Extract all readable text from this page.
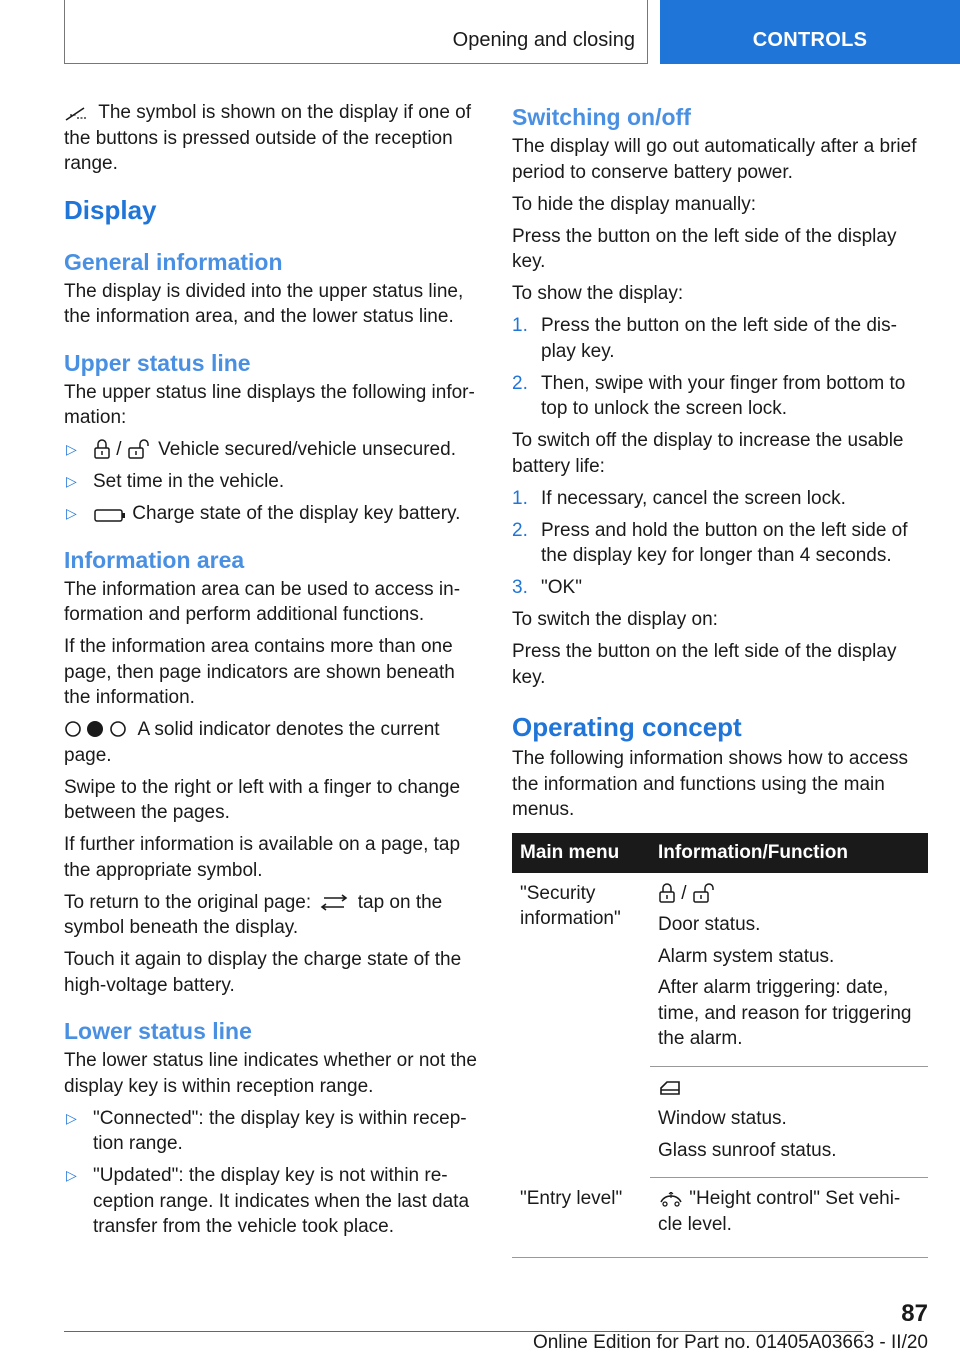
Opening and closing	CONTROLS

The symbol is shown on the display if one of the buttons is pressed outside of the reception range.

Display
General information

The display is divided into the upper status line, the information area, and the lower status line.

Upper status line

The upper status line displays the following infor-mation:

▷ / Vehicle secured/vehicle unsecured.
▷ Set time in the vehicle.
▷	Charge state of the display key battery.
Information area

The information area can be used to access in-formation and perform additional functions.

If the information area contains more than one page, then page indicators are shown beneath the information.

A solid indicator denotes the current page.

Swipe to the right or left with a finger to change between the pages.

If further information is available on a page, tap the appropriate symbol.

To return to the original page: tap on the symbol beneath the display.

Touch it again to display the charge state of the high-voltage battery.

Lower status line

The lower status line indicates whether or not the display key is within reception range.

▷ "Connected": the display key is within recep-tion range.
▷ "Updated": the display key is not within re-ception range. It indicates when the last data transfer from the vehicle took place.
Switching on/off

The display will go out automatically after a brief period to conserve battery power.

To hide the display manually:

Press the button on the left side of the display key.

To show the display:

1. Press the button on the left side of the dis-play key.
2. Then, swipe with your finger from bottom to top to unlock the screen lock.

To switch off the display to increase the usable battery life:

1. If necessary, cancel the screen lock.
2. Press and hold the button on the left side of the display key for longer than 4 seconds.
3. "OK"

To switch the display on:

Press the button on the left side of the display key.

Operating concept

The following information shows how to access the information and functions using the main menus.

Main menu	Information/Function
"Security information"	/

Door status.

Alarm system status.

After alarm triggering: date, time, and reason for triggering the alarm.

	Window status.

Glass sunroof status.

"Entry level"	"Height control" Set vehi-cle level.

87
Online Edition for Part no. 01405A03663 - II/20
